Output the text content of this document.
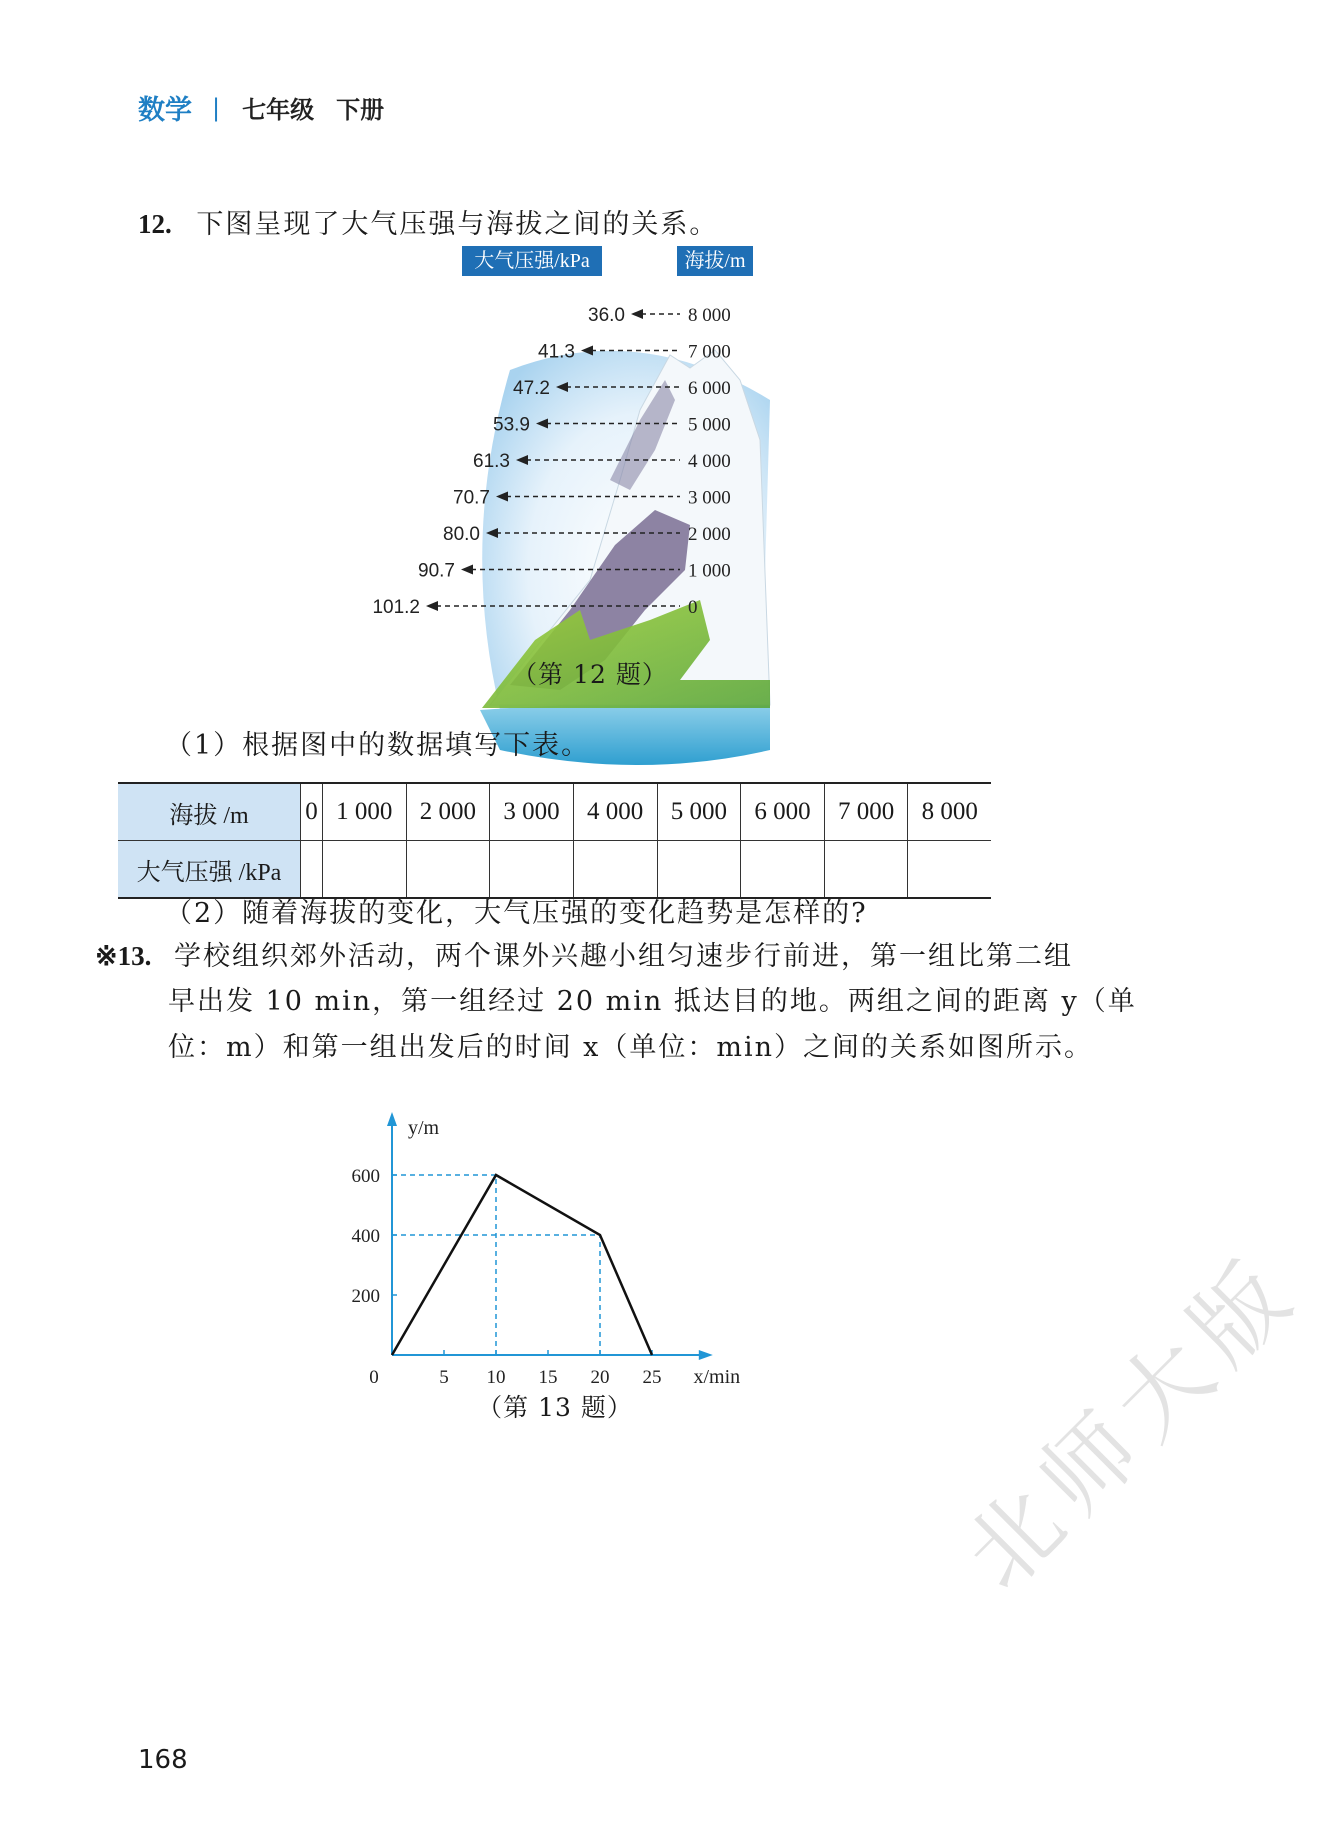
数学 | 七年级 下册
12. 下图呈现了大气压强与海拔之间的关系。
36.0	8 000
41.3	7 000
47.2	6 000
53.9	5 000
61.3	4 000
70.7	3 000
80.0	2 000
90.7	1 000
101.2	0
大气压强/kPa	海拔/m
（第 12 题）
（1）根据图中的数据填写下表。
海拔 /m	0	1 000	2 000	3 000	4 000	5 000	6 000	7 000	8 000
大气压强 /kPa									
（2）随着海拔的变化，大气压强的变化趋势是怎样的?
※13. 学校组织郊外活动，两个课外兴趣小组匀速步行前进，第一组比第二组
早出发 10 min，第一组经过 20 min 抵达目的地。两组之间的距离 y（单
位：m）和第一组出发后的时间 x（单位：min）之间的关系如图所示。
5 10 15 20 25
200
400
600
0	x/min
y/m
（第 13 题）
168
北师大版
